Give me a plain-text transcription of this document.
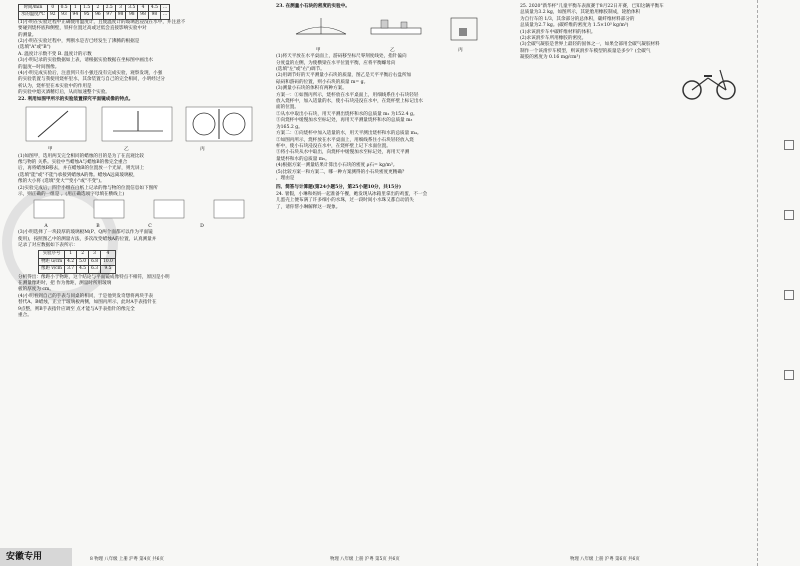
时间/min	0	0.5	1	1.5	2	2.5	3	3.5	4	4.5	…
水的温度/℃	92	93	94	95	96	97	98	98	98	98	…
(1)小明在实验过程中正确使用温度计，且使温度计的玻璃泡浸没在水中，并注意不
要碰到烧杯底和侧壁，铁杆位置过高或过低会直接影响实验中对
的测量。
(2)小明在实验过程中，判断水是否已经发生了沸腾的根据是
(选填"A"或"B")
A. 温度计示数不变 B. 温度计的示数
(3)小明记录的实验数据如上表，请根据实验数据在坐标图中画出水
的温度—时间图像。
(4)小明完成实验后，注意到只有小强还没有完成实验，观察发现，小强
的实验装置与我使用烧杯里水，其余装置与自己的完全相同，小明经过分
析认为，烧杯里在本实验中的作用是
的实验中熄灭酒精灯后，从而加速整个实验。
22. 利用如图甲所示的实验装置探究平面镜成像的特点。
甲	乙	丙
(1)如图甲，选用两支完全相同的蜡烛的目的是为了在直观比较
像与物的 关系。实验中当蜡烛A与蜡烛B的像完全重合
后，再将蜡烛B移去，并在蜡烛B的位置放一个光屏，则光屏上
(选填"能"或"不能")承接到蜡烛A的像。蜡烛A远离玻璃板，
像的大小将 (选填"变大""变小"或"不变")。
(2)实验完成后，四个小组在白纸上记录的像与物的位置信息如下图所
示，则正确的一组是 。(用正确选项字母填在横线上)
A	B	C	D
(3)小明选择了一块较厚的玻璃板M(P、Q两个面都可以作为平面镜
使用)，按照图乙中的测量方法，多次改变蜡烛A的位置，认真测量并
记录了对应数据如下表所示：
实验序号	1	2	3	4
物距 u/cm	4.2	5.0	6.8	10.0
像距 v/cm	3.7	4.5	6.3	9.5
分析得出：像距小于物距，这个结论与平面镜成像特点不相符，原因是小明
在测量像距时，把 作为像距，测量时所用玻璃
板的厚度为 cm。
(4)小明看到自己的手表与同桌的相同，于是他突发奇想将两块手表
替代A、B蜡烛，正立于玻璃板两侧，如图丙所示，此时A手表指针在
9点整，则B手表指针应调至 点才能与A手表指针的像完全
重合。
8 物理 八年级 上册 沪粤 第4页 共6页
23. 在测量小石块的密度的实验中。
甲	乙	丙
(1)将天平放在水平桌面上，游码移至标尺零刻度线处，指针偏向
分度盘的左侧，为使横梁在水平位置平衡，应将平衡螺母向
(选填"左"或"右")调节。
(2)用调节好的天平测量小石块的质量，图乙是天平平衡后右盘所加
砝码和游码的位置，则小石块的质量 m= g。
(3)测量小石块的体积有两种方案。
方案一：①如图丙所示，烧杯放在水平桌面上，用细线系住小石块轻轻
放入烧杯中，加入适量的水，使小石块浸没在水中，在烧杯壁上标记出水
面的位置。
②从水中取出小石块，用天平测出烧杯和水的总质量 m₂ 为152.4 g。
③向烧杯中缓慢加水至标记处，再用天平测量烧杯和水的总质量 m₃
为165.2 g。
方案二：①向烧杯中加入适量的水，用天平测出烧杯和水的总质量 m₄。
②如图丙所示，烧杯放在水平桌面上，用细线系住小石块轻轻放入烧
杯中，使小石块浸没在水中，在烧杯壁上记下水面位置。
③将小石块从水中取出，向烧杯中缓慢加水至标记处，再用天平测
量烧杯和水的总质量 m₅。
(4)根据方案一测量结果计算出小石块的密度 ρ石= kg/m³。
(5)比较方案一和方案二，哪一种方案测得的小石块密度更精确？
，理由是
四、简答与计算题(第24小题5分，第25小题10分，共15分)
24. 暑假，小琳和妈妈一起准备午餐，她发现从冰箱里拿出的鸡蛋，不一会
儿蛋壳上便布满了许多细小的水珠，过一段时间小水珠又都自动消失
了，请你帮小琳解释这一现象。
物理 八年级 上册 沪粤 第5页 共6页
25. 2020"新华杯"儿童平衡车表演赛于8月22日开赛，已知这辆平衡车
总质量为3.2 kg，如图所示，其轮胎用橡胶制成，轮胎体积
为自行车的 1/3，其余部分的总体积，碳纤维材料部分的
总质量为2.7 kg。(碳纤维的密度为 1.5×10³ kg/m³)
(1)求该滑步车中碳纤维材料的体积。
(2)求该滑步车所用橡胶的密度。
(3)全碳气凝胶是世界上最轻的固体之一，如果全部用全碳气凝胶材料
制作一个该滑步车模型，则该滑步车模型的质量是多少？(全碳气
凝胶的密度为 0.16 mg/cm³)
物理 八年级 上册 沪粤 第6页 共6页
安徽专用
